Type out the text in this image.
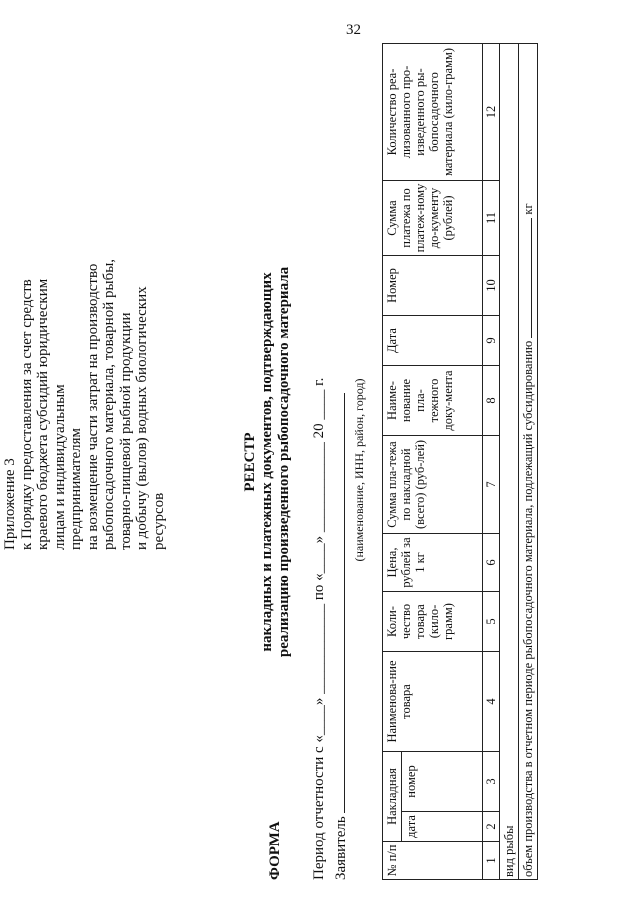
32
Приложение 3 к Порядку предоставления за счет средств краевого бюджета субсидий юридическим лицам и индивидуальным предпринимателям на возмещение части затрат на производство рыбопосадочного материала, товарной рыбы, товарно-пищевой рыбной продукции и добычу (вылов) водных биологических ресурсов
ФОРМА
РЕЕСТР накладных и платежных документов, подтверждающих реализацию произведенного рыбопосадочного материала Период отчетности с «____» ____________ по «____» ____________ 20 ____ г. Заявитель
(наименование, ИНН, район, город)
№ п/п	Накладная		Наименова-ние товара	Коли-чество товара (кило-грамм)	Цена, рублей за 1 кг	Сумма пла-тежа по накладной (всего) (руб-лей)	Наиме-нование пла-тежного доку-мента	Дата	Номер	Сумма платежа по платеж-ному до-кументу (рублей)	Количество реа-лизованного про-изведенного ры-бопосадочного материала (кило-грамм)
	дата	номер									
1	2	3	4	5	6	7	8	9	10	11	12
вид рыбы											
объем производства в отчетном периоде рыбопосадочного материала, подлежащий субсидированию  кг											
